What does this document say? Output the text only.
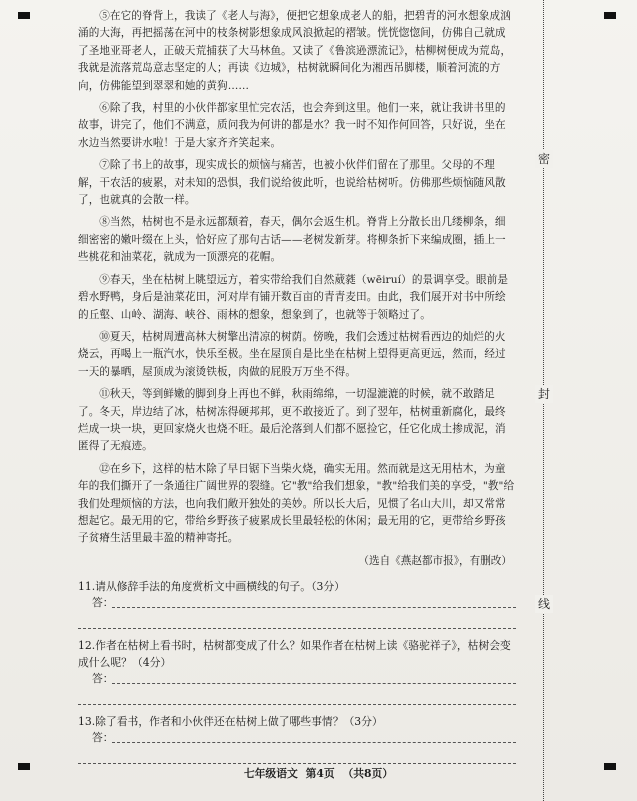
⑤在它的脊背上，我读了《老人与海》，便把它想象成老人的船，把碧青的河水想象成汹涌的大海，再把摇荡在河中的枝条树影想象成风浪掀起的褶皱。恍恍惚惚间，仿佛自己就成了圣地亚哥老人，正破天荒捕获了大马林鱼。又读了《鲁滨逊漂流记》，枯柳树便成为荒岛，我就是流落荒岛意志坚定的人；再读《边城》，枯树就瞬间化为湘西吊脚楼，顺着河流的方向，仿佛能望到翠翠和她的黄狗……

⑥除了我，村里的小伙伴都家里忙完农活，也会奔到这里。他们一来，就让我讲书里的故事，讲完了，他们不满意，质问我为何讲的都是水？我一时不知作何回答，只好说，坐在水边当然要讲水啦！于是大家齐齐笑起来。

⑦除了书上的故事，现实成长的烦恼与痛苦，也被小伙伴们留在了那里。父母的不理解，干农活的疲累，对未知的恐惧，我们说给彼此听，也说给枯树听。仿佛那些烦恼随风散了，也就真的会散一样。

⑧当然，枯树也不是永远都颓着，春天，偶尔会返生机。脊背上分散长出几缕柳条，细细密密的嫩叶缀在上头，恰好应了那句古话——老树发新芽。将柳条折下来编成圈，插上一些桃花和油菜花，就成为一顶漂亮的花帽。

⑨春天，坐在枯树上眺望远方，着实带给我们自然葳蕤（wēiruí）的景调享受。眼前是碧水野鸭，身后是油菜花田，河对岸有铺开数百亩的青青麦田。由此，我们展开对书中所绘的丘壑、山岭、湖海、峡谷、雨林的想象，想象到了，也就等于领略过了。

⑩夏天，枯树周遭高林大树擎出清凉的树荫。傍晚，我们会透过枯树看西边的灿烂的火烧云，再喝上一瓶汽水，快乐至极。坐在屋顶自是比坐在枯树上望得更高更远，然而，经过一天的暴晒，屋顶成为滚烫铁板，肉做的屁股万万坐不得。

⑪秋天，等到鲜嫩的脚到身上再也不鲜，秋雨绵绵，一切湿漉漉的时候，就不敢踏足了。冬天，岸边结了冰，枯树冻得硬邦邦，更不敢接近了。到了翌年，枯树重新腐化，最终烂成一块一块，更回家烧火也烧不旺。最后沦落到人们都不愿捡它，任它化成土掺成泥，消匿得了无痕迹。

⑫在乡下，这样的枯木除了早日锯下当柴火烧，确实无用。然而就是这无用枯木，为童年的我们撕开了一条通往广阔世界的裂缝。它"教"给我们想象，"教"给我们美的享受，"教"给我们处理烦恼的方法，也向我们敞开独处的美妙。所以长大后，见惯了名山大川，却又常常想起它。最无用的它，带给乡野孩子疲累成长里最轻松的休闲；最无用的它，更带给乡野孩子贫瘠生活里最丰盈的精神寄托。

（选自《燕赵都市报》，有删改）

11.请从修辞手法的角度赏析文中画横线的句子。（3分）

答：

12.作者在枯树上看书时，枯树都变成了什么？如果作者在枯树上读《骆驼祥子》，枯树会变成什么呢？（4分）

答：

13.除了看书，作者和小伙伴还在枯树上做了哪些事情？（3分）

答：
密
封
线
七年级语文 第4页 （共8页）
